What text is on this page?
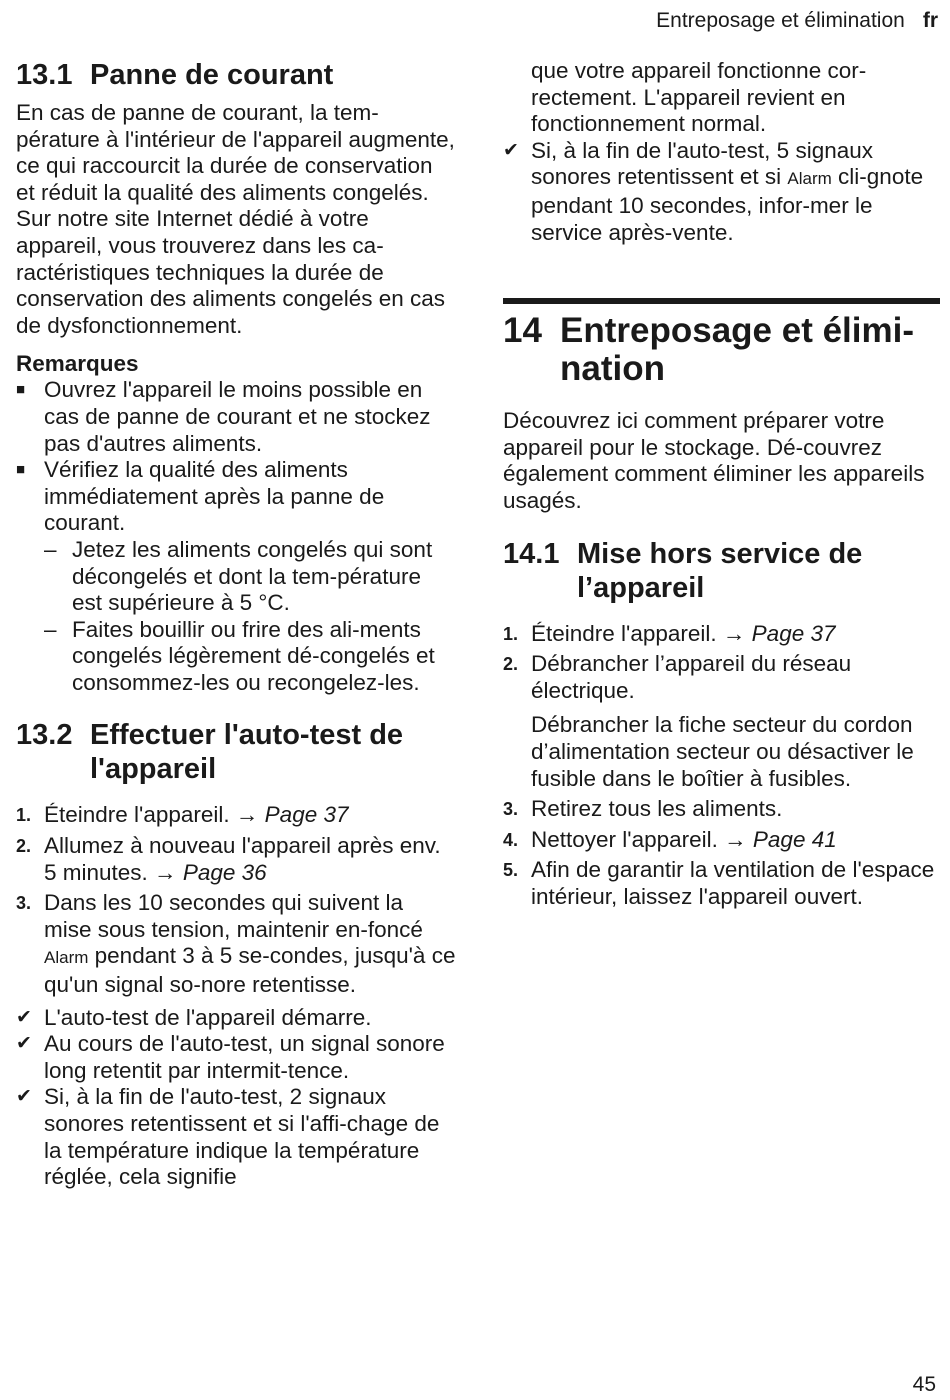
Entreposage et élimination fr
13.1 Panne de courant

En cas de panne de courant, la tem-pérature à l'intérieur de l'appareil augmente, ce qui raccourcit la durée de conservation et réduit la qualité des aliments congelés.

Sur notre site Internet dédié à votre appareil, vous trouverez dans les ca-ractéristiques techniques la durée de conservation des aliments congelés en cas de dysfonctionnement.

Remarques
■ Ouvrez l'appareil le moins possible en cas de panne de courant et ne stockez pas d'autres aliments.
■ Vérifiez la qualité des aliments immédiatement après la panne de courant.
– Jetez les aliments congelés qui sont décongelés et dont la tem-pérature est supérieure à 5 °C.
– Faites bouillir ou frire des ali-ments congelés légèrement dé-congelés et consommez-les ou recongelez-les.
13.2 Effectuer l'auto-test de l'appareil
1. Éteindre l'appareil. → Page 37
2. Allumez à nouveau l'appareil après env. 5 minutes. → Page 36
3. Dans les 10 secondes qui suivent la mise sous tension, maintenir en-foncé Alarm pendant 3 à 5 se-condes, jusqu'à ce qu'un signal so-nore retentisse.
✔ L'auto-test de l'appareil démarre.
✔ Au cours de l'auto-test, un signal sonore long retentit par intermit-tence.
✔ Si, à la fin de l'auto-test, 2 signaux sonores retentissent et si l'affi-chage de la température indique la température réglée, cela signifie

que votre appareil fonctionne cor-rectement. L'appareil revient en fonctionnement normal.

✔ Si, à la fin de l'auto-test, 5 signaux sonores retentissent et si Alarm cli-gnote pendant 10 secondes, infor-mer le service après-vente.
14 Entreposage et élimi-nation

Découvrez ici comment préparer votre appareil pour le stockage. Dé-couvrez également comment éliminer les appareils usagés.

14.1 Mise hors service de l’appareil
1. Éteindre l'appareil. → Page 37
2. Débrancher l’appareil du réseau électrique.

Débrancher la fiche secteur du cordon d’alimentation secteur ou désactiver le fusible dans le boîtier à fusibles.

3. Retirez tous les aliments.
4. Nettoyer l'appareil. → Page 41
5. Afin de garantir la ventilation de l'espace intérieur, laissez l'appareil ouvert.
45
